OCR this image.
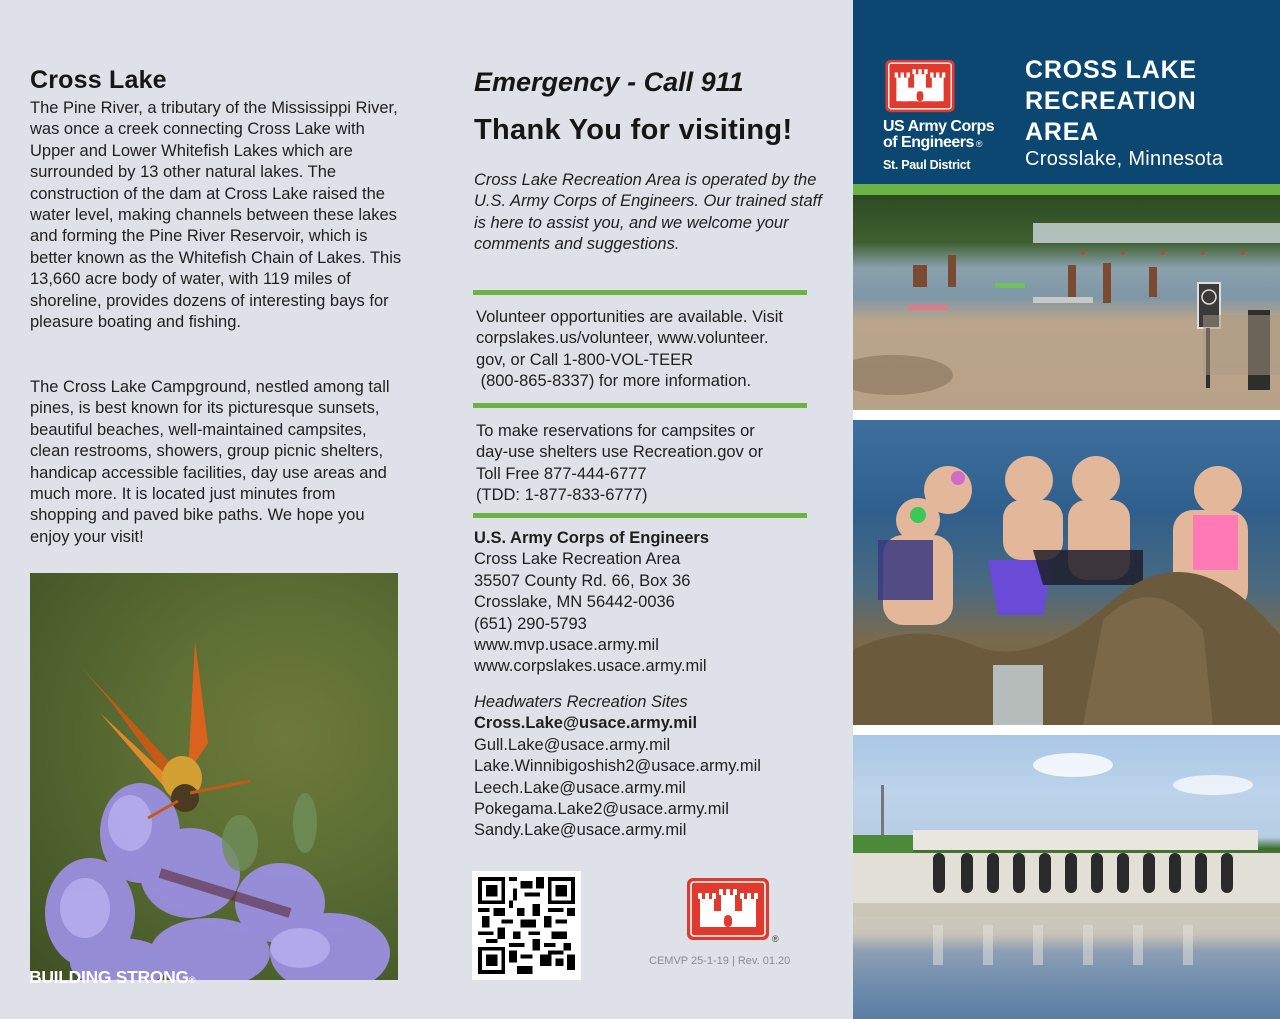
Cross Lake

The Pine River, a tributary of the Mississippi River, was once a creek connecting Cross Lake with Upper and Lower Whitefish Lakes which are surrounded by 13 other natural lakes. The construction of the dam at Cross Lake raised the water level, making channels between these lakes and forming the Pine River Reservoir, which is better known as the Whitefish Chain of Lakes. This 13,660 acre body of water, with 119 miles of shoreline, provides dozens of interesting bays for pleasure boating and fishing.

The Cross Lake Campground, nestled among tall pines, is best known for its picturesque sunsets, beautiful beaches, well-maintained campsites, clean restrooms, showers, group picnic shelters, handicap accessible facilities, day use areas and much more. It is located just minutes from shopping and paved bike paths. We hope you enjoy your visit!

Emergency - Call 911
Thank You for visiting!

Cross Lake Recreation Area is operated by the U.S. Army Corps of Engineers. Our trained staff is here to assist you, and we welcome your comments and suggestions.

Volunteer opportunities are available. Visit
corpslakes.us/volunteer, www.volunteer.
gov, or Call 1-800-VOL-TEER
(800-865-8337) for more information.
To make reservations for campsites or
day-use shelters use Recreation.gov or
Toll Free 877-444-6777
(TDD: 1-877-833-6777)
U.S. Army Corps of Engineers
Cross Lake Recreation Area
35507 County Rd. 66, Box 36
Crosslake, MN 56442-0036
(651) 290-5793
www.mvp.usace.army.mil
www.corpslakes.usace.army.mil
Headwaters Recreation Sites
Cross.Lake@usace.army.mil
Gull.Lake@usace.army.mil
Lake.Winnibigoshish2@usace.army.mil
Leech.Lake@usace.army.mil
Pokegama.Lake2@usace.army.mil
Sandy.Lake@usace.army.mil
®
CEMVP 25-1-19 | Rev. 01.20
US Army Corps
of Engineers ®
St. Paul District
CROSS LAKE
RECREATION
AREA
Crosslake, Minnesota
BUILDING STRONG®
